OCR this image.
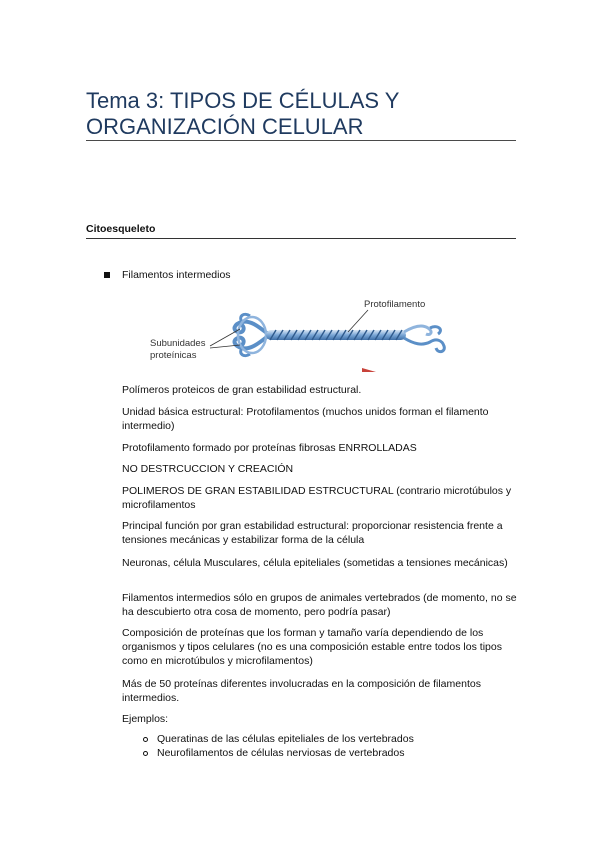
Tema 3: TIPOS DE CÉLULAS Y
ORGANIZACIÓN CELULAR
Citoesqueleto
Filamentos intermedios
Protofilamento
Subunidades
proteínicas
Polímeros proteicos de gran estabilidad estructural.
Unidad básica estructural: Protofilamentos (muchos unidos forman el filamento intermedio)
Protofilamento formado por proteínas fibrosas ENRROLLADAS
NO DESTRCUCCION Y CREACIÓN
POLIMEROS DE GRAN ESTABILIDAD ESTRCUCTURAL (contrario microtúbulos y microfilamentos
Principal función por gran estabilidad estructural: proporcionar resistencia frente a tensiones mecánicas y estabilizar forma de la célula
Neuronas, célula Musculares, célula epiteliales (sometidas a tensiones mecánicas)
Filamentos intermedios sólo en grupos de animales vertebrados (de momento, no se ha descubierto otra cosa de momento, pero podría pasar)
Composición de proteínas que los forman y tamaño varía dependiendo de los organismos y tipos celulares (no es una composición estable entre todos los tipos como en microtúbulos y microfilamentos)
Más de 50 proteínas diferentes involucradas en la composición de filamentos intermedios.
Ejemplos:
Queratinas de las células epiteliales de los vertebrados
Neurofilamentos de células nerviosas de vertebrados
